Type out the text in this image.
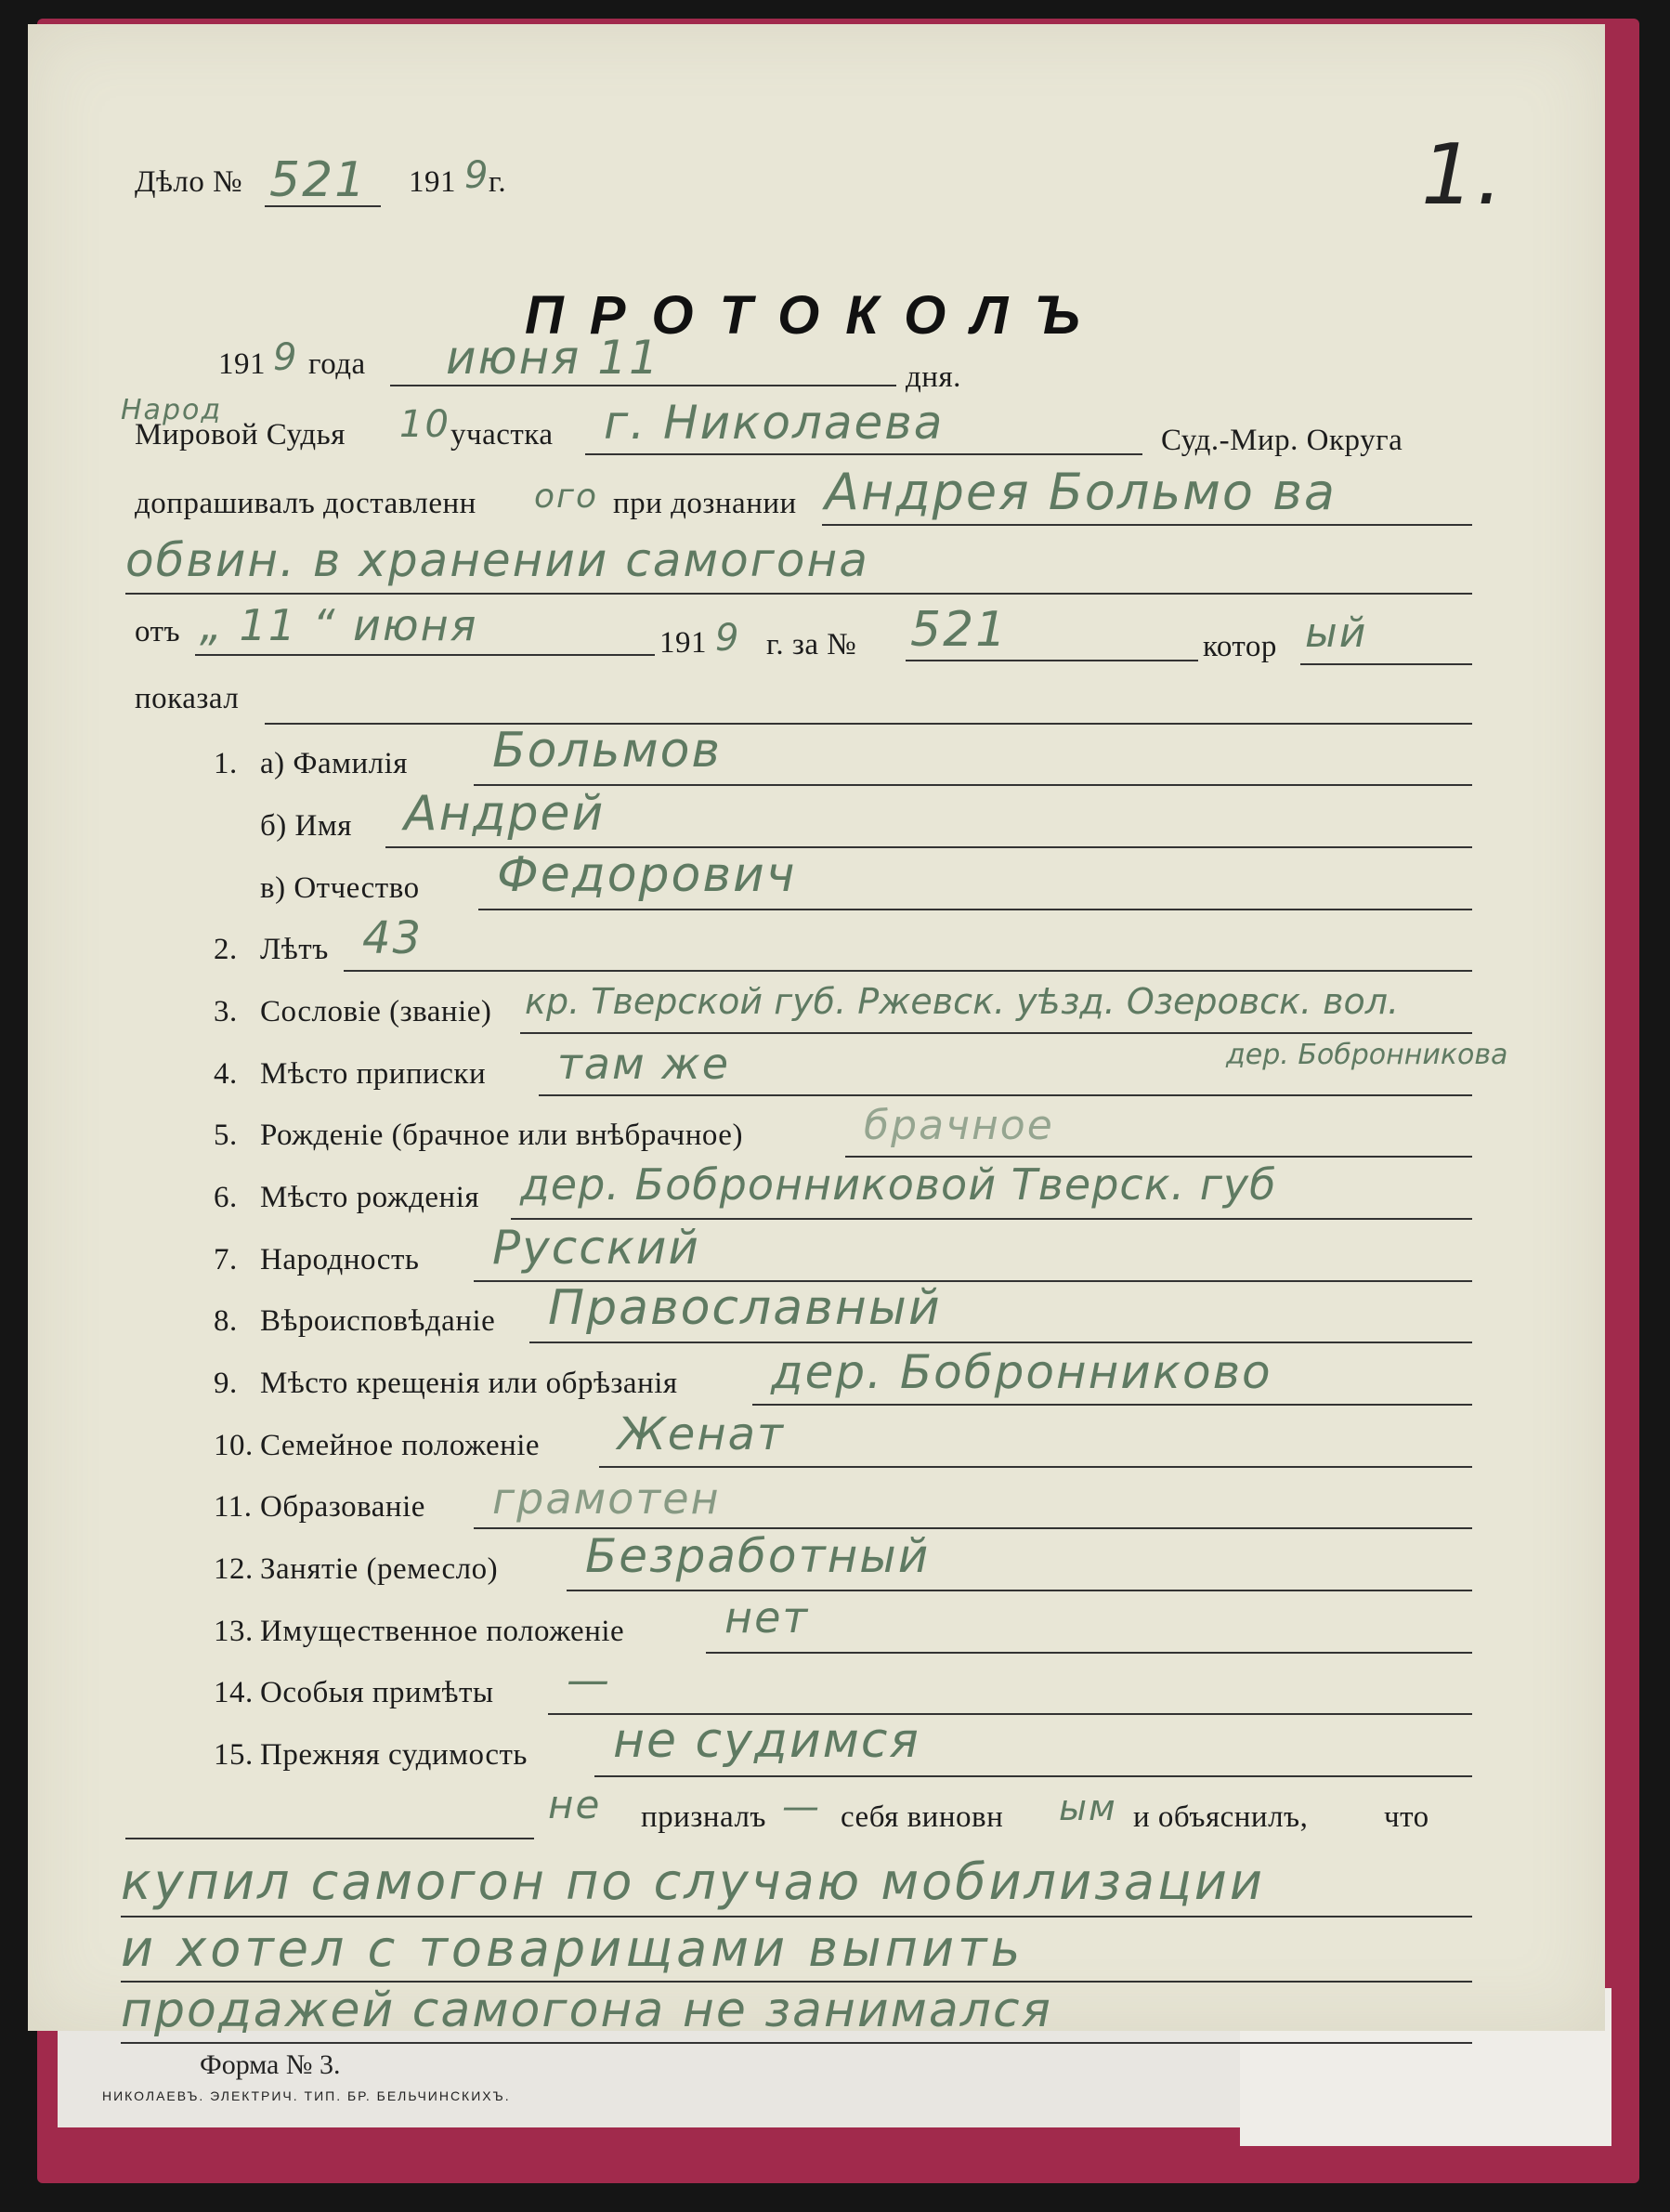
Дѣло № 521 191 9
г.	1.
ПРОТОКОЛЪ
191 9 года июня 11	дня.
Народ
Мировой Судья 10 участка г. Николаева	Суд.-Мир. Округа
допрашивалъ доставленн ого при дознании Андрея Больмо ва
обвин. в хранении самогона
отъ „ 11 “ июня	191 9 г. за № 521	котор ый
показал
1. а) Фамилія Больмов
б) Имя Андрей
в) Отчество Федорович
2. Лѣтъ 43
3. Сословіе (званіе) кр. Тверской губ. Ржевск. уѣзд. Озеровск. вол.
4. Мѣсто приписки там же	дер. Бобронникова
5. Рожденіе (брачное или внѣбрачное)	брачное
6. Мѣсто рожденія дер. Бобронниковой Тверск. губ
7. Народность Русский
8. Вѣроисповѣданіе Православный
9. Мѣсто крещенія или обрѣзанія дер. Бобронниково
10. Семейное положеніе Женат
11. Образованіе грамотен
12. Занятіе (ремесло) Безработный
13. Имущественное положеніе нет
14. Особыя примѣты —
15. Прежняя судимость не судимся
не призналъ — себя виновн ым и объяснилъ, что
купил самогон по случаю мобилизации
и хотел с товарищами выпить
продажей самогона не занимался
Форма № 3.
НИКОЛАЕВЪ. ЭЛЕКТРИЧ. ТИП. БР. БЕЛЬЧИНСКИХЪ.
